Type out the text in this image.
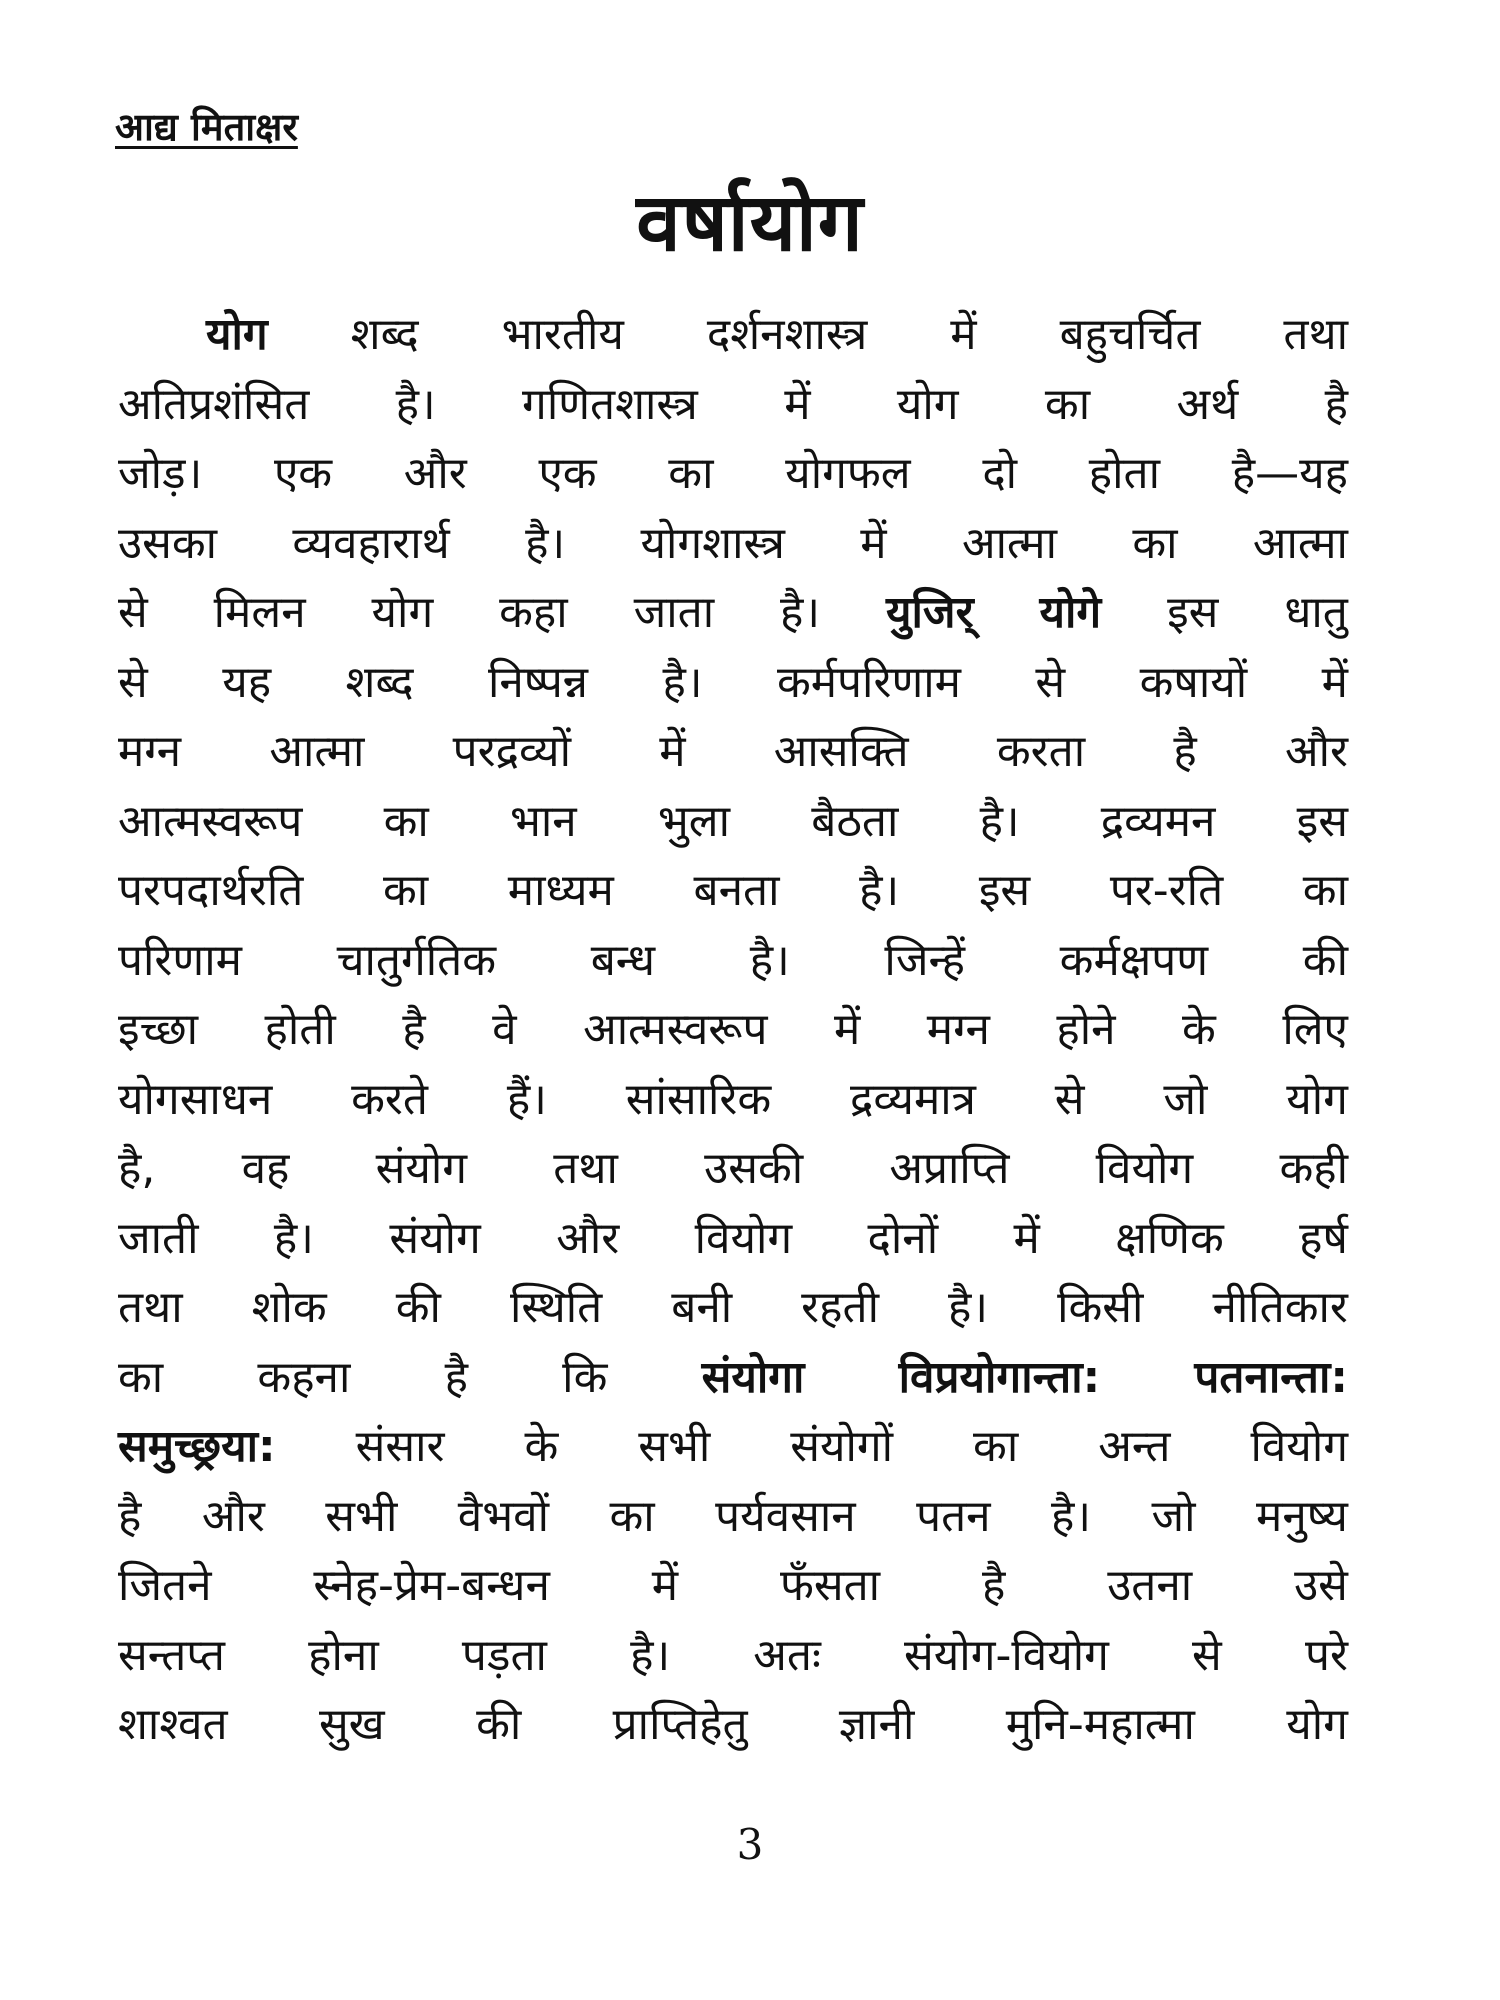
आद्य मिताक्षर
वर्षायोग
योग शब्द भारतीय दर्शनशास्त्र में बहुचर्चित तथा
अतिप्रशंसित है। गणितशास्त्र में योग का अर्थ है
जोड़। एक और एक का योगफल दो होता है—यह
उसका व्यवहारार्थ है। योगशास्त्र में आत्मा का आत्मा
से मिलन योग कहा जाता है। युजिर् योगे इस धातु
से यह शब्द निष्पन्न है। कर्मपरिणाम से कषायों में
मग्न आत्मा परद्रव्यों में आसक्ति करता है और
आत्मस्वरूप का भान भुला बैठता है। द्रव्यमन इस
परपदार्थरति का माध्यम बनता है। इस पर-रति का
परिणाम चातुर्गतिक बन्ध है। जिन्हें कर्मक्षपण की
इच्छा होती है वे आत्मस्वरूप में मग्न होने के लिए
योगसाधन करते हैं। सांसारिक द्रव्यमात्र से जो योग
है, वह संयोग तथा उसकी अप्राप्ति वियोग कही
जाती है। संयोग और वियोग दोनों में क्षणिक हर्ष
तथा शोक की स्थिति बनी रहती है। किसी नीतिकार
का कहना है कि संयोगा विप्रयोगान्ता: पतनान्ता:
समुच्छ्रया: संसार के सभी संयोगों का अन्त वियोग
है और सभी वैभवों का पर्यवसान पतन है। जो मनुष्य
जितने स्नेह-प्रेम-बन्धन में फँसता है उतना उसे
सन्तप्त होना पड़ता है। अतः संयोग-वियोग से परे
शाश्वत सुख की प्राप्तिहेतु ज्ञानी मुनि-महात्मा योग
3
